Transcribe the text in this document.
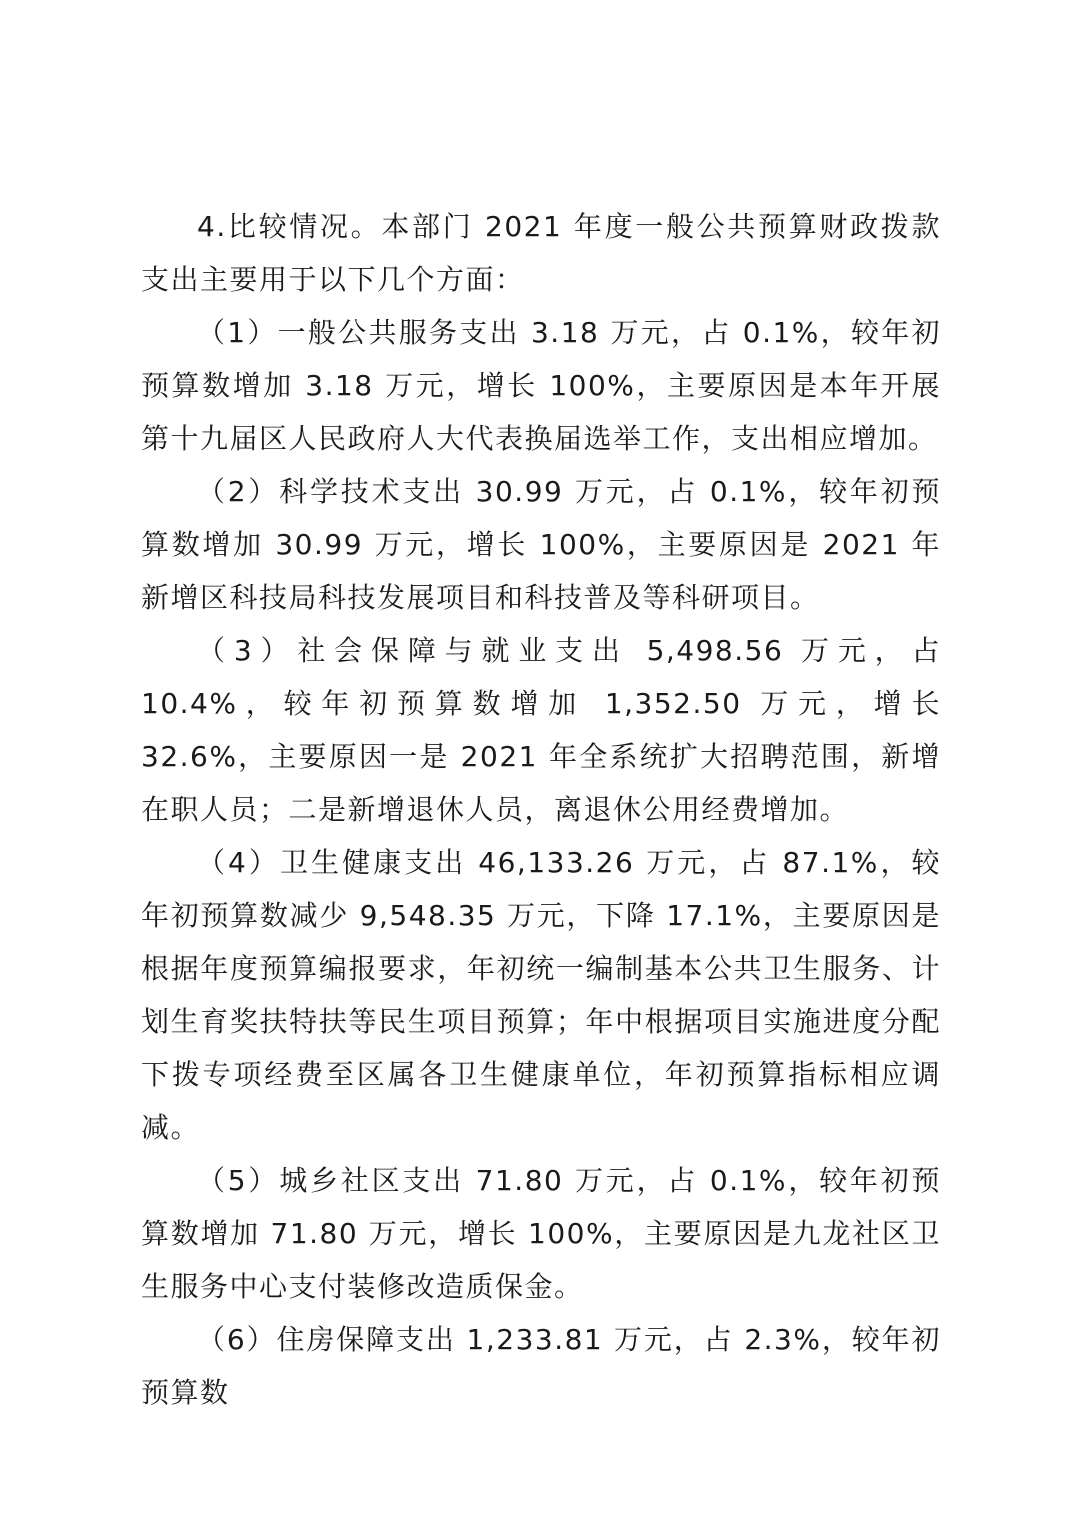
4.比较情况。本部门 2021 年度一般公共预算财政拨款支出主要用于以下几个方面：

（1）一般公共服务支出 3.18 万元，占 0.1%，较年初预算数增加 3.18 万元，增长 100%，主要原因是本年开展第十九届区人民政府人大代表换届选举工作，支出相应增加。

（2）科学技术支出 30.99 万元，占 0.1%，较年初预算数增加 30.99 万元，增长 100%，主要原因是 2021 年新增区科技局科技发展项目和科技普及等科研项目。

（3）社会保障与就业支出 5,498.56 万元，占 10.4%，较年初预算数增加 1,352.50 万元，增长 32.6%，主要原因一是 2021 年全系统扩大招聘范围，新增在职人员；二是新增退休人员，离退休公用经费增加。

（4）卫生健康支出 46,133.26 万元，占 87.1%，较年初预算数减少 9,548.35 万元，下降 17.1%，主要原因是根据年度预算编报要求，年初统一编制基本公共卫生服务、计划生育奖扶特扶等民生项目预算；年中根据项目实施进度分配下拨专项经费至区属各卫生健康单位，年初预算指标相应调减。

（5）城乡社区支出 71.80 万元，占 0.1%，较年初预算数增加 71.80 万元，增长 100%，主要原因是九龙社区卫生服务中心支付装修改造质保金。

（6）住房保障支出 1,233.81 万元，占 2.3%，较年初预算数
